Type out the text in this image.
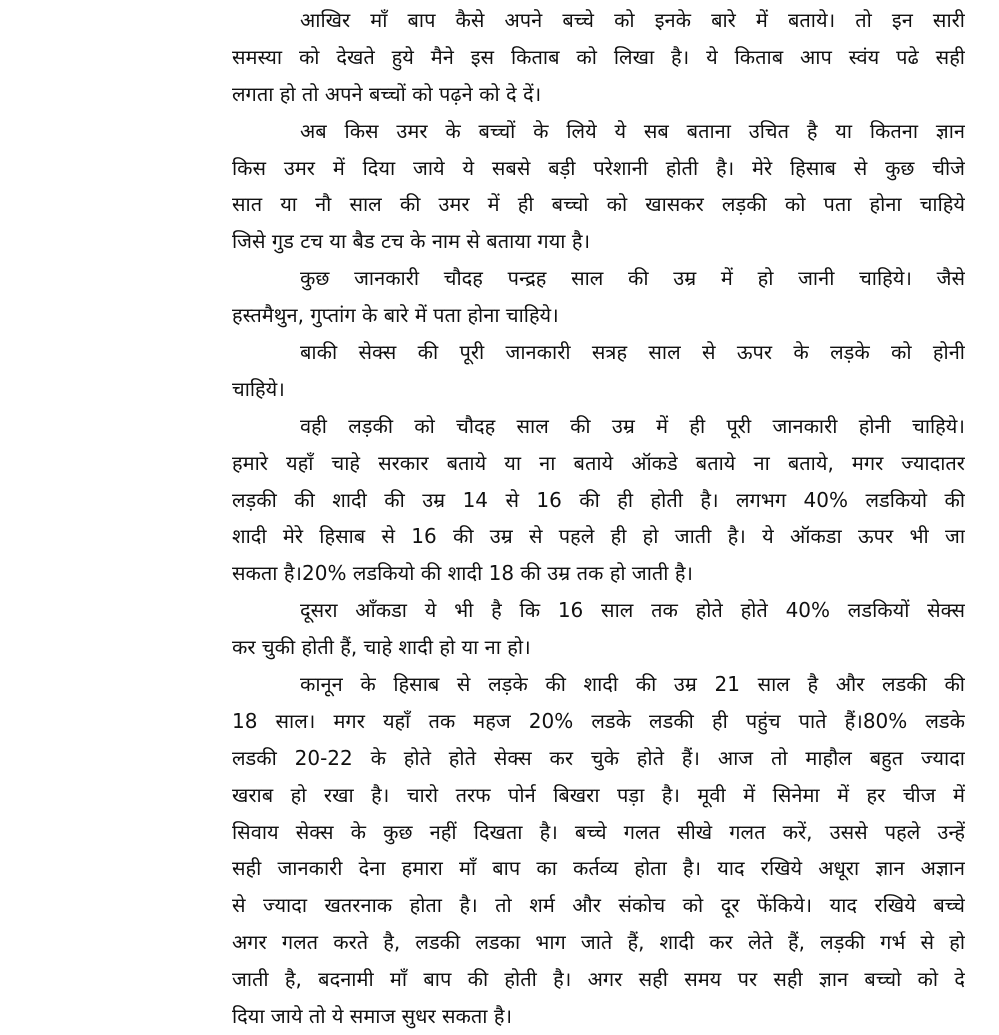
आखिर माँ बाप कैसे अपने बच्चे को इनके बारे में बताये। तो इन सारी
समस्या को देखते हुये मैने इस किताब को लिखा है। ये किताब आप स्वंय पढे सही
लगता हो तो अपने बच्चों को पढ़ने को दे दें।
अब किस उमर के बच्चों के लिये ये सब बताना उचित है या कितना ज्ञान
किस उमर में दिया जाये ये सबसे बड़ी परेशानी होती है। मेरे हिसाब से कुछ चीजे
सात या नौ साल की उमर में ही बच्चो को खासकर लड़की को पता होना चाहिये
जिसे गुड टच या बैड टच के नाम से बताया गया है।
कुछ जानकारी चौदह पन्द्रह साल की उम्र में हो जानी चाहिये। जैसे
हस्तमैथुन, गुप्तांग के बारे में पता होना चाहिये।
बाकी सेक्स की पूरी जानकारी सत्रह साल से ऊपर के लड़के को होनी
चाहिये।
वही लड़की को चौदह साल की उम्र में ही पूरी जानकारी होनी चाहिये।
हमारे यहाँ चाहे सरकार बताये या ना बताये ऑकडे बताये ना बताये, मगर ज्यादातर
लड़की की शादी की उम्र 14 से 16 की ही होती है। लगभग 40% लडकियो की
शादी मेरे हिसाब से 16 की उम्र से पहले ही हो जाती है। ये ऑकडा ऊपर भी जा
सकता है।20% लडकियो की शादी 18 की उम्र तक हो जाती है।
दूसरा आँकडा ये भी है कि 16 साल तक होते होते 40% लडकियों सेक्स
कर चुकी होती हैं, चाहे शादी हो या ना हो।
कानून के हिसाब से लड़के की शादी की उम्र 21 साल है और लडकी की
18 साल। मगर यहाँ तक महज 20% लडके लडकी ही पहुंच पाते हैं।80% लडके
लडकी 20-22 के होते होते सेक्स कर चुके होते हैं। आज तो माहौल बहुत ज्यादा
खराब हो रखा है। चारो तरफ पोर्न बिखरा पड़ा है। मूवी में सिनेमा में हर चीज में
सिवाय सेक्स के कुछ नहीं दिखता है। बच्चे गलत सीखे गलत करें, उससे पहले उन्हें
सही जानकारी देना हमारा माँ बाप का कर्तव्य होता है। याद रखिये अधूरा ज्ञान अज्ञान
से ज्यादा खतरनाक होता है। तो शर्म और संकोच को दूर फेंकिये। याद रखिये बच्चे
अगर गलत करते है, लडकी लडका भाग जाते हैं, शादी कर लेते हैं, लड़की गर्भ से हो
जाती है, बदनामी माँ बाप की होती है। अगर सही समय पर सही ज्ञान बच्चो को दे
दिया जाये तो ये समाज सुधर सकता है।
